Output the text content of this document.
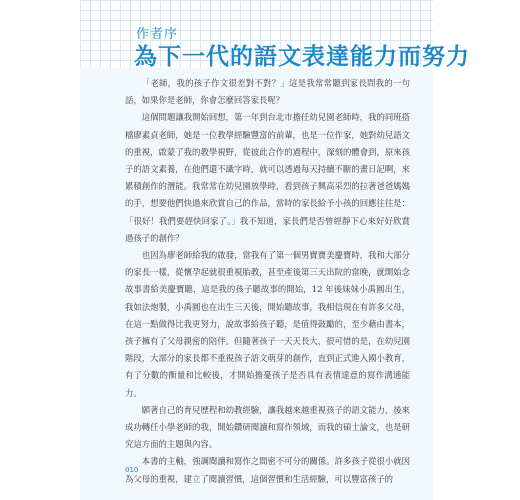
作者序
為下一代的語文表達能力而努力

「老師，我的孩子作文很差對不對？」這是我常常聽到家長問我的一句話，如果你是老師，你會怎麼回答家長呢？

這個問題讓我開始回想，第一年到台北市擔任幼兒園老師時，我的同班搭檔廖素貞老師，她是一位教學經驗豐富的前輩，也是一位作家，她對幼兒語文的重視，啟蒙了我的教學視野，從彼此合作的過程中，深刻的體會到，原來孩子的語文素養，在他們還不識字時，就可以透過每天持續不斷的畫日記啊，來累積創作的潛能。我常常在幼兒園放學時，看到孩子興高采烈的拉著爸爸媽媽的手，想要他們快過來欣賞自己的作品，當時的家長給予小孩的回應往往是：「很好！我們要趕快回家了。」我不知道，家長們是否曾經靜下心來好好欣賞過孩子的創作？

也因為廖老師給我的啟發，當我有了第一個男寶寶美慶寶時，我和大部分的家長一樣，從懷孕起就很重視胎教，甚至產後第三天出院的當晚，就開始念故事書給美慶寶聽，這是我的孩子聽故事的開始，12 年後妹妹小禹圓出生，我如法炮製，小禹圓也在出生三天後，開始聽故事，我相信現在有許多父母，在這一點做得比我更努力，說故事給孩子聽，是值得鼓勵的，至少藉由書本，孩子擁有了父母親密的陪伴。但隨著孩子一天天長大，很可惜的是，在幼兒園階段，大部分的家長都不重視孩子語文萌芽的創作，直到正式進入國小教育，有了分數的衡量和比較後，才開始擔憂孩子是否具有表情達意的寫作溝通能力。

願著自己的育兒歷程和幼教經驗，讓我越來越重視孩子的語文能力，後來成功轉任小學老師的我，開始鑽研閱讀和寫作領域，而我的碩士論文，也是研究這方面的主題與內容。

本書的主軸，強調閱讀和寫作之間密不可分的關係。許多孩子從很小就因為父母的重視，建立了閱讀習慣，這個習慣和生活經驗，可以豐富孩子的

010
